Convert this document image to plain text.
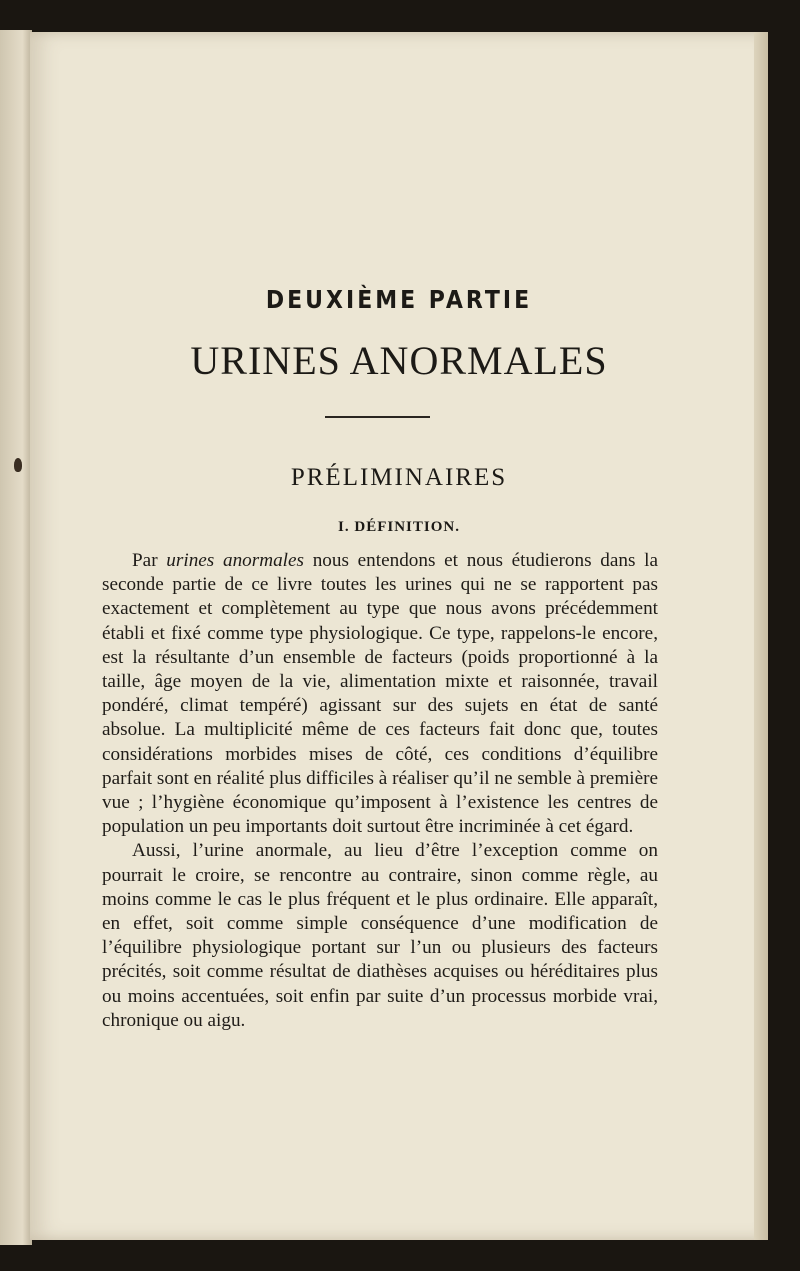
DEUXIÈME PARTIE
URINES ANORMALES
PRÉLIMINAIRES
I. DÉFINITION.

Par urines anormales nous entendons et nous étudierons dans la seconde partie de ce livre toutes les urines qui ne se rapportent pas exactement et complètement au type que nous avons précédemment établi et fixé comme type physiologique. Ce type, rappelons-le encore, est la résultante d’un ensemble de facteurs (poids proportionné à la taille, âge moyen de la vie, alimentation mixte et raisonnée, travail pondéré, climat tempéré) agissant sur des sujets en état de santé absolue. La multiplicité même de ces facteurs fait donc que, toutes considérations morbides mises de côté, ces conditions d’équilibre parfait sont en réalité plus difficiles à réaliser qu’il ne semble à première vue ; l’hygiène économique qu’imposent à l’existence les centres de population un peu importants doit surtout être incriminée à cet égard.

Aussi, l’urine anormale, au lieu d’être l’exception comme on pourrait le croire, se rencontre au contraire, sinon comme règle, au moins comme le cas le plus fréquent et le plus ordinaire. Elle apparaît, en effet, soit comme simple conséquence d’une modification de l’équilibre physiologique portant sur l’un ou plusieurs des facteurs précités, soit comme résultat de diathèses acquises ou héréditaires plus ou moins accentuées, soit enfin par suite d’un processus morbide vrai, chronique ou aigu.
